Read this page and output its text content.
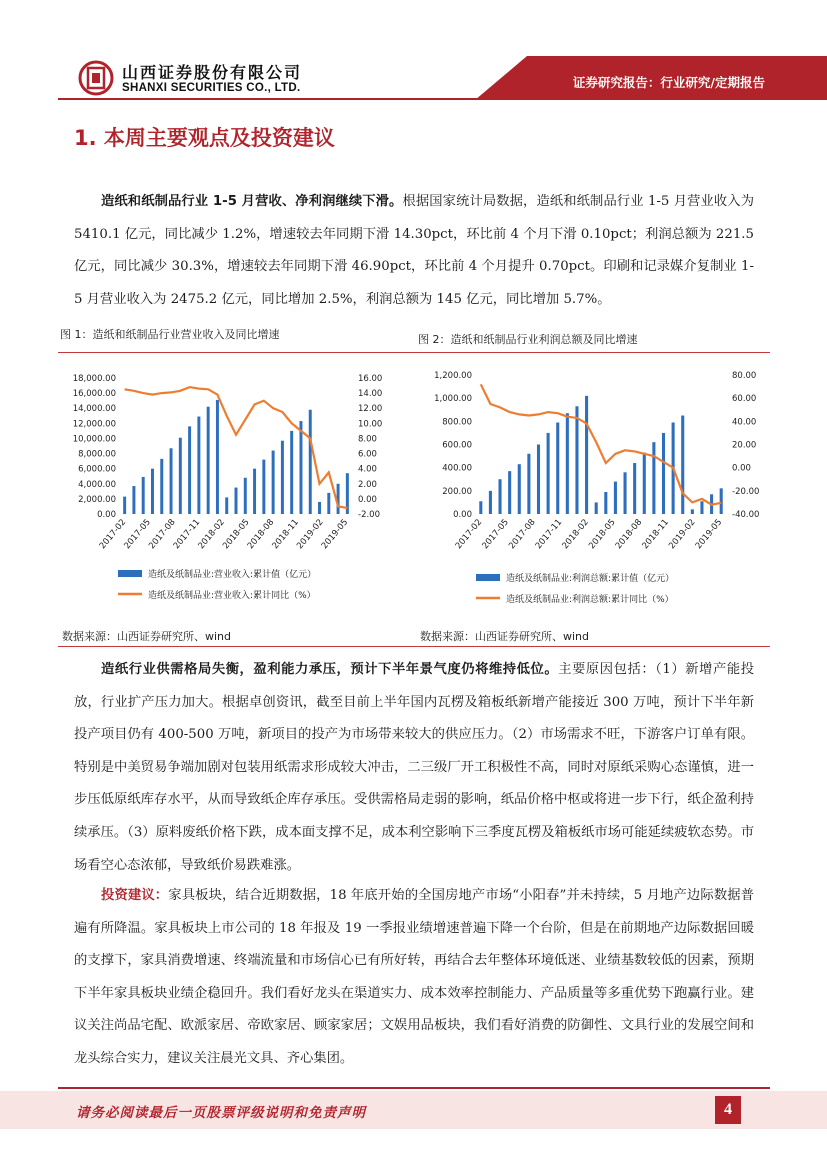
山西证券股份有限公司
SHANXI SECURITIES CO., LTD.	证券研究报告：行业研究/定期报告
1. 本周主要观点及投资建议
造纸和纸制品行业 1-5 月营收、净利润继续下滑。根据国家统计局数据，造纸和纸制品行业 1-5 月营业收入为 5410.1 亿元，同比减少 1.2%，增速较去年同期下滑 14.30pct，环比前 4 个月下滑 0.10pct；利润总额为 221.5 亿元，同比减少 30.3%，增速较去年同期下滑 46.90pct，环比前 4 个月提升 0.70pct。印刷和记录媒介复制业 1-5 月营业收入为 2475.2 亿元，同比增加 2.5%，利润总额为 145 亿元，同比增加 5.7%。
图 1：造纸和纸制品行业营业收入及同比增速	图 2：造纸和纸制品行业利润总额及同比增速
18,000.00
16,000.00
14,000.00
12,000.00
10,000.00
8,000.00
6,000.00
4,000.00
2,000.00
0.00
16.00
14.00
12.00
10.00
8.00
6.00
4.00
2.00
0.00
-2.00
2017-02
2017-05
2017-08
2017-11
2018-02
2018-05
2018-08
2018-11
2019-02
2019-05
造纸及纸制品业:营业收入:累计值（亿元）
造纸及纸制品业:营业收入:累计同比（%）
1,200.00
1,000.00
800.00
600.00
400.00
200.00
0.00
80.00
60.00
40.00
20.00
0.00
-20.00
-40.00
2017-02
2017-05
2017-08
2017-11
2018-02
2018-05
2018-08
2018-11
2019-02
2019-05
造纸及纸制品业:利润总额:累计值（亿元）
造纸及纸制品业:利润总额:累计同比（%）
数据来源：山西证券研究所、wind	数据来源：山西证券研究所、wind
造纸行业供需格局失衡，盈利能力承压，预计下半年景气度仍将维持低位。主要原因包括：（1）新增产能投放，行业扩产压力加大。根据卓创资讯，截至目前上半年国内瓦楞及箱板纸新增产能接近 300 万吨，预计下半年新投产项目仍有 400-500 万吨，新项目的投产为市场带来较大的供应压力。（2）市场需求不旺，下游客户订单有限。特别是中美贸易争端加剧对包装用纸需求形成较大冲击，二三级厂开工积极性不高，同时对原纸采购心态谨慎，进一步压低原纸库存水平，从而导致纸企库存承压。受供需格局走弱的影响，纸品价格中枢或将进一步下行，纸企盈利持续承压。（3）原料废纸价格下跌，成本面支撑不足，成本利空影响下三季度瓦楞及箱板纸市场可能延续疲软态势。市场看空心态浓郁，导致纸价易跌难涨。
投资建议：家具板块，结合近期数据，18 年底开始的全国房地产市场“小阳春”并未持续，5 月地产边际数据普遍有所降温。家具板块上市公司的 18 年报及 19 一季报业绩增速普遍下降一个台阶，但是在前期地产边际数据回暖的支撑下，家具消费增速、终端流量和市场信心已有所好转，再结合去年整体环境低迷、业绩基数较低的因素，预期下半年家具板块业绩企稳回升。我们看好龙头在渠道实力、成本效率控制能力、产品质量等多重优势下跑赢行业。建议关注尚品宅配、欧派家居、帝欧家居、顾家家居；文娱用品板块，我们看好消费的防御性、文具行业的发展空间和龙头综合实力，建议关注晨光文具、齐心集团。
请务必阅读最后一页股票评级说明和免责声明	4
